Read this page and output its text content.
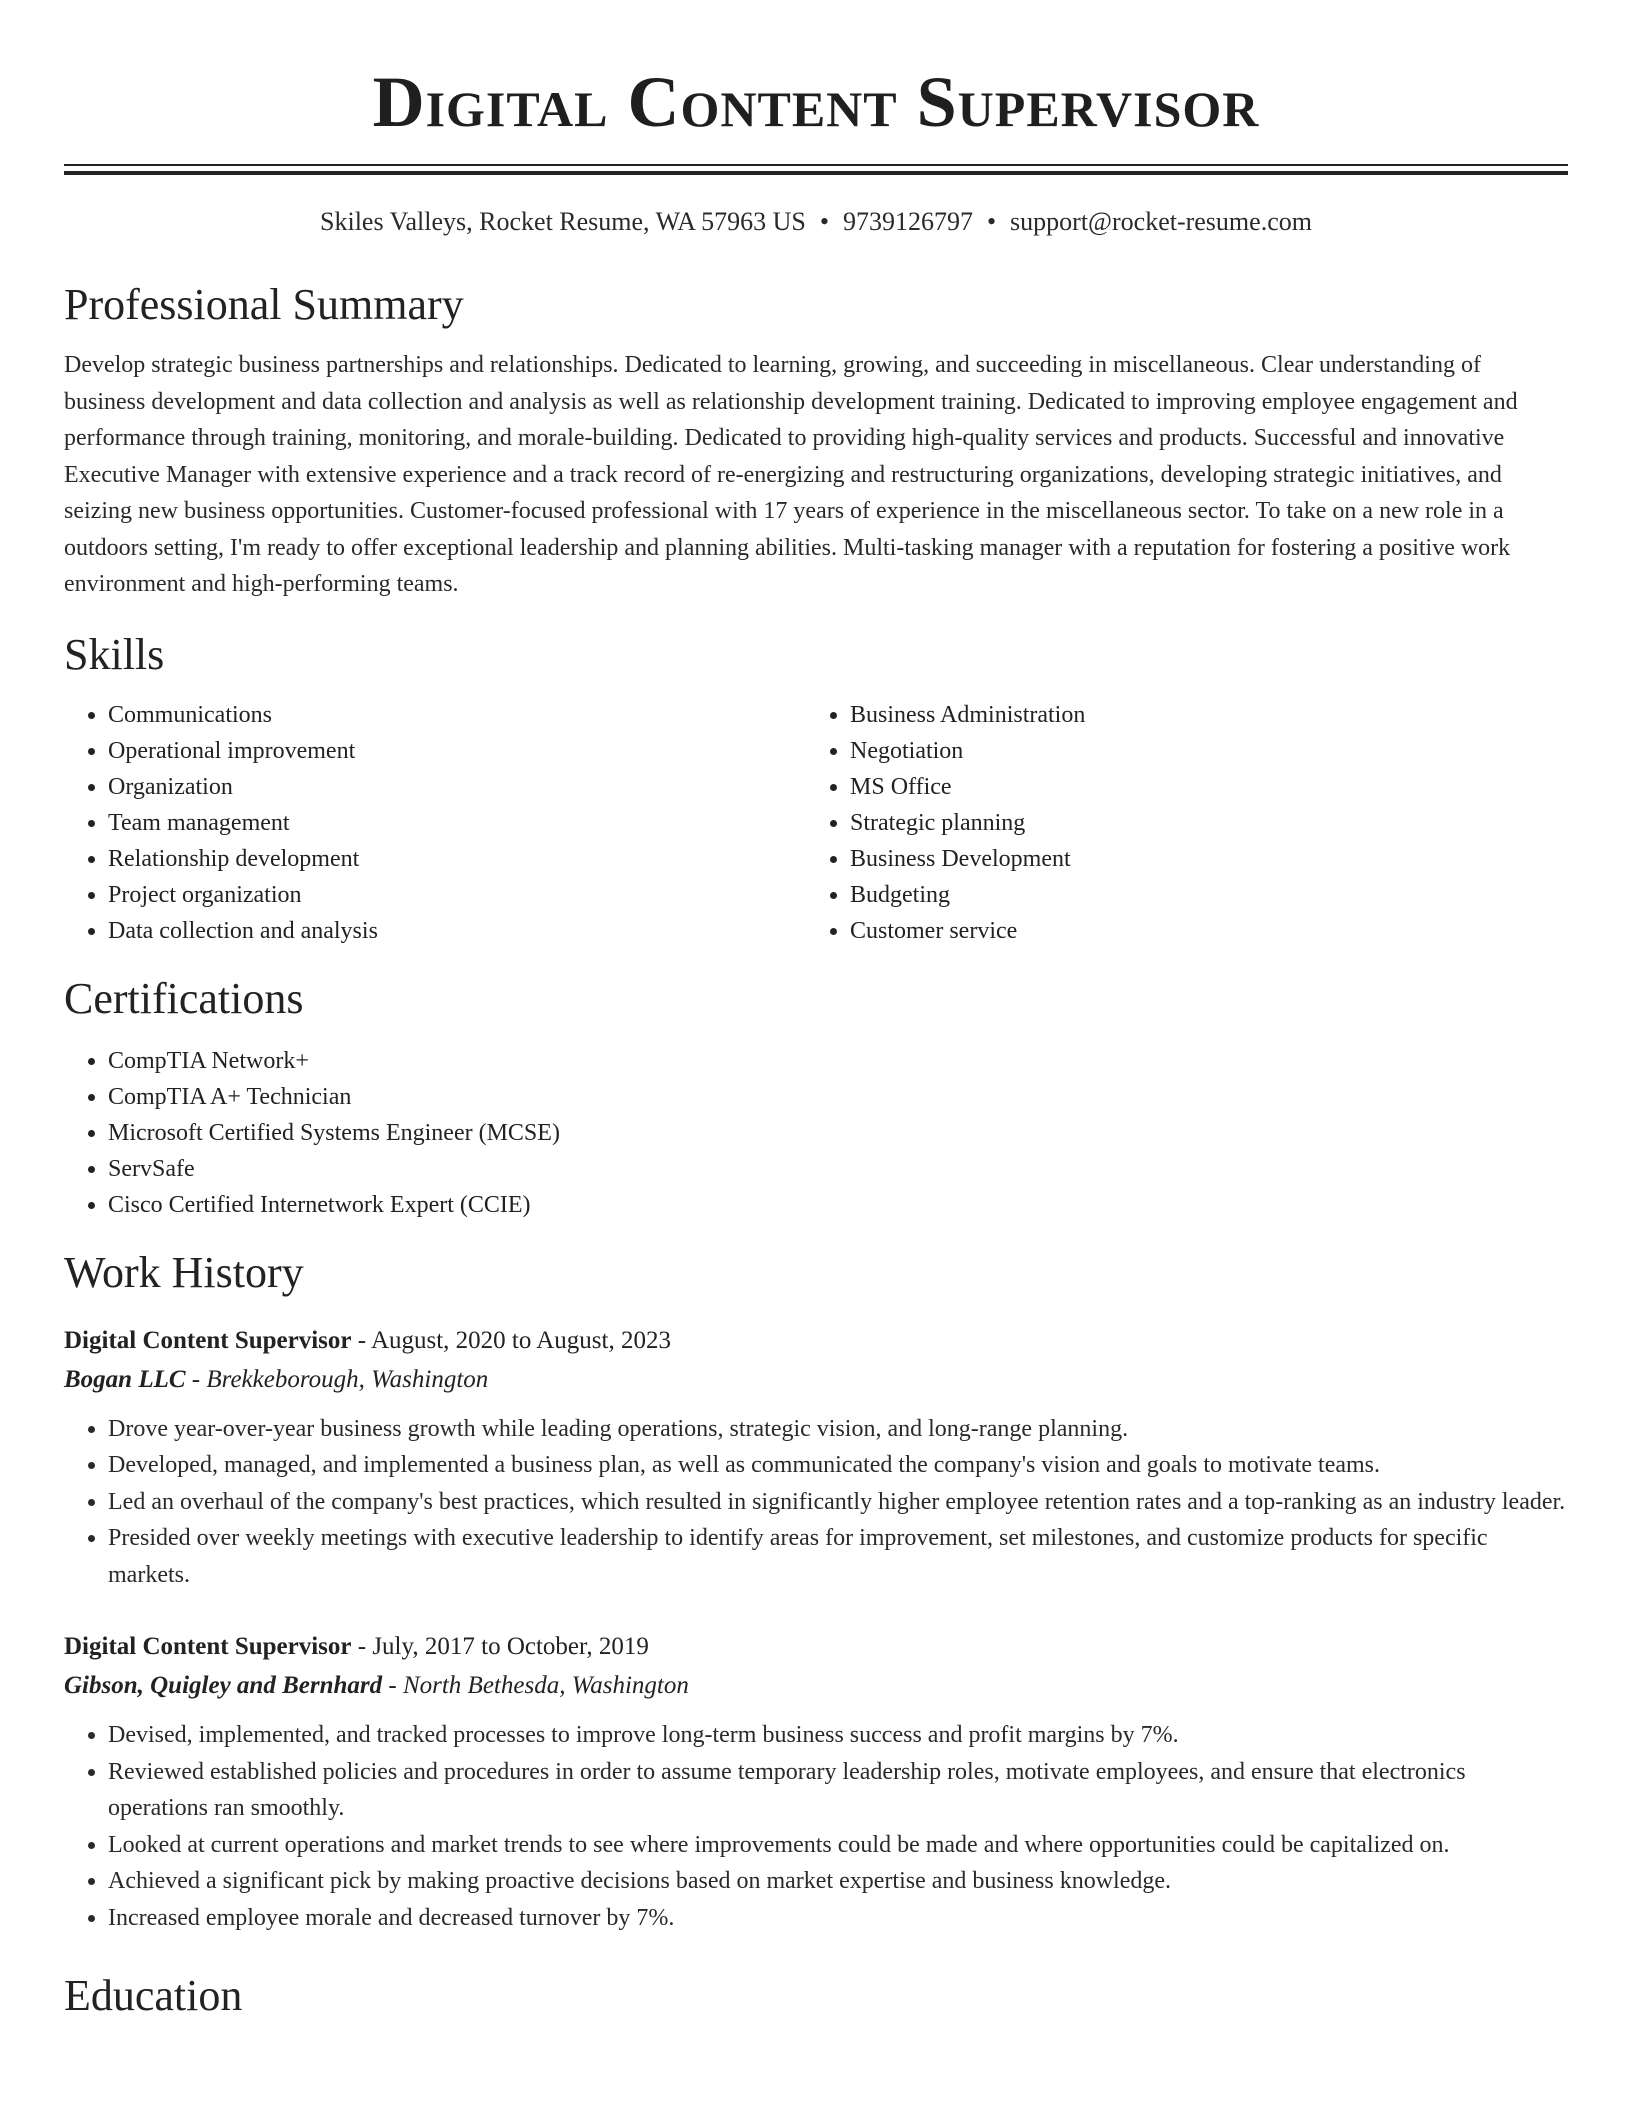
Digital Content Supervisor
Skiles Valleys, Rocket Resume, WA 57963 US • 9739126797 • support@rocket-resume.com
Professional Summary

Develop strategic business partnerships and relationships. Dedicated to learning, growing, and succeeding in miscellaneous. Clear understanding of business development and data collection and analysis as well as relationship development training. Dedicated to improving employee engagement and performance through training, monitoring, and morale-building. Dedicated to providing high-quality services and products. Successful and innovative Executive Manager with extensive experience and a track record of re-energizing and restructuring organizations, developing strategic initiatives, and seizing new business opportunities. Customer-focused professional with 17 years of experience in the miscellaneous sector. To take on a new role in a outdoors setting, I'm ready to offer exceptional leadership and planning abilities. Multi-tasking manager with a reputation for fostering a positive work environment and high-performing teams.

Skills
• Communications
• Operational improvement
• Organization
• Team management
• Relationship development
• Project organization
• Data collection and analysis
• Business Administration
• Negotiation
• MS Office
• Strategic planning
• Business Development
• Budgeting
• Customer service
Certifications
• CompTIA Network+
• CompTIA A+ Technician
• Microsoft Certified Systems Engineer (MCSE)
• ServSafe
• Cisco Certified Internetwork Expert (CCIE)
Work History
Digital Content Supervisor - August, 2020 to August, 2023
Bogan LLC - Brekkeborough, Washington
• Drove year-over-year business growth while leading operations, strategic vision, and long-range planning.
• Developed, managed, and implemented a business plan, as well as communicated the company's vision and goals to motivate teams.
• Led an overhaul of the company's best practices, which resulted in significantly higher employee retention rates and a top-ranking as an industry leader.
• Presided over weekly meetings with executive leadership to identify areas for improvement, set milestones, and customize products for specific markets.
Digital Content Supervisor - July, 2017 to October, 2019
Gibson, Quigley and Bernhard - North Bethesda, Washington
• Devised, implemented, and tracked processes to improve long-term business success and profit margins by 7%.
• Reviewed established policies and procedures in order to assume temporary leadership roles, motivate employees, and ensure that electronics operations ran smoothly.
• Looked at current operations and market trends to see where improvements could be made and where opportunities could be capitalized on.
• Achieved a significant pick by making proactive decisions based on market expertise and business knowledge.
• Increased employee morale and decreased turnover by 7%.
Education
